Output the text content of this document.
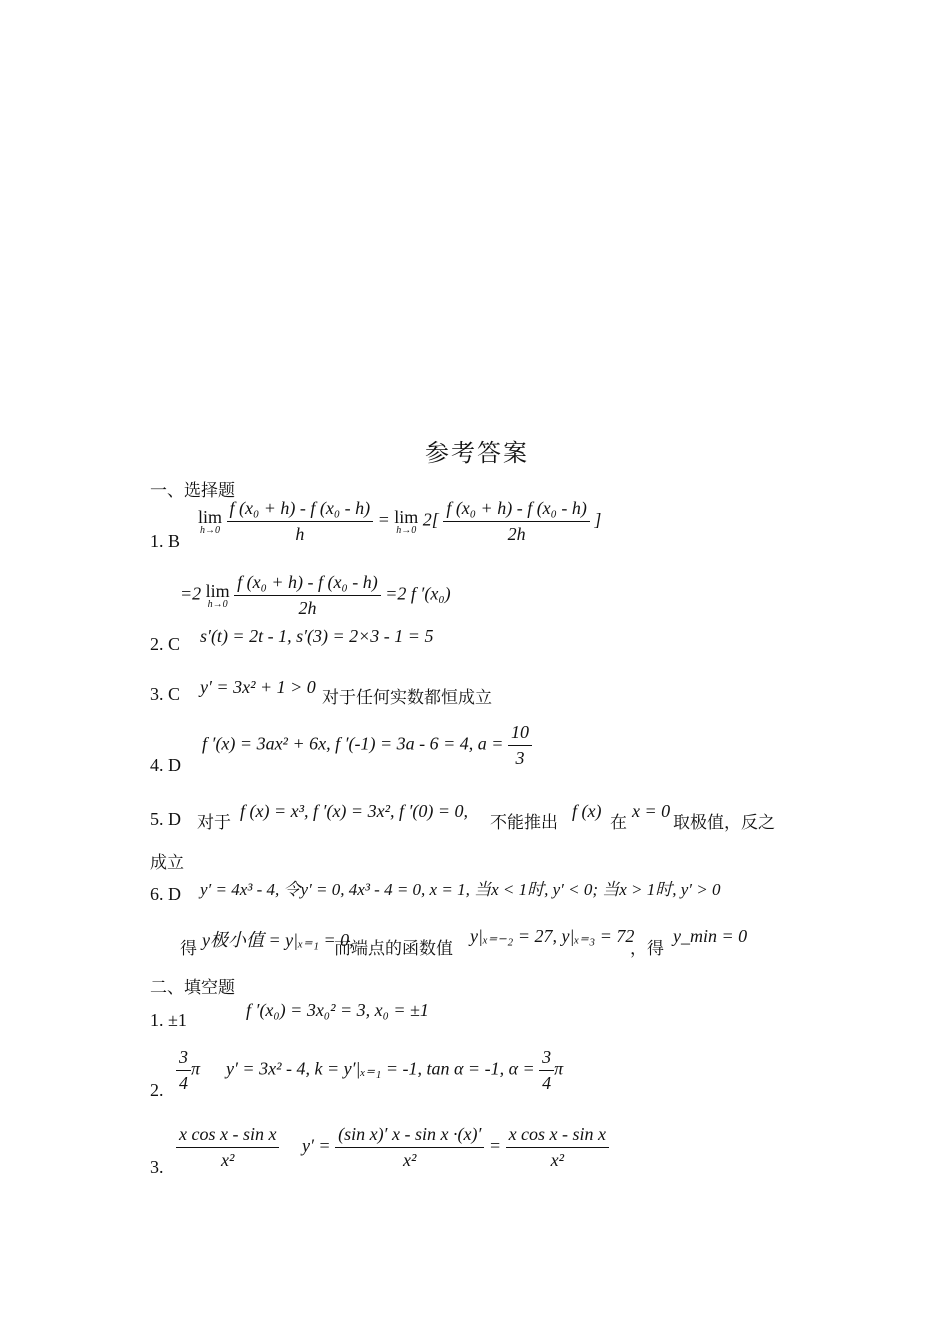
参考答案
一、选择题
1. B
lim
h→0
$\frac{\text{f (x₀ + h) - f (x₀ - h)}}{h} = \lim$
h→0
$2[ \frac{\text{f (x₀ + h) - f (x₀ - h)}}{2h}$ ]
=2 lim
h→0
$\frac{\text{f (x₀ + h) - f (x₀ - h)}}{2h} =2$ f ′(x₀)
2. C s′(t) = 2t - 1, s′(3) = 2×3 - 1 = 5
3. C y′ = 3x² + 1 > 0
对于任何实数都恒成立
4. D
f ′(x) = 3ax² + 6x, f ′(-1) = 3a - 6 = 4, $a = \frac{10}{3}$
5. D 对于
f (x) = x³, f ′(x) = 3x², f ′(0) = 0,
不能推出
f (x)
在
x = 0
取极值，反之
成立
6. D y′ = 4x³ - 4, 令y′ = 0, 4x³ - 4 = 0, x = 1, 当x < 1时, y′ < 0; 当x > 1时, y′ > 0
得 y极小值 = y|ₓ₌₁ = 0,
而端点的函数值
y|ₓ₌₋₂ = 27, y|ₓ₌₃ = 72
，得
y_min = 0
二、填空题
1. ±1	f ′(x₀) = 3x₀² = 3, x₀ = ±1
2. $\frac{3}{4}$ π y′ = 3x² - 4, k = y′|ₓ₌₁ = -1, tan α = -1, $\alpha = \frac{3}{4}$ π
3. $\frac{\text{x cos x - sin x}}{\text{x²}} y' = \frac{\text{(sin x)′ x - sin x ·(x)′}}{\text{x²}} = \frac{\text{x cos x - sin x}}{\text{x²}}$
